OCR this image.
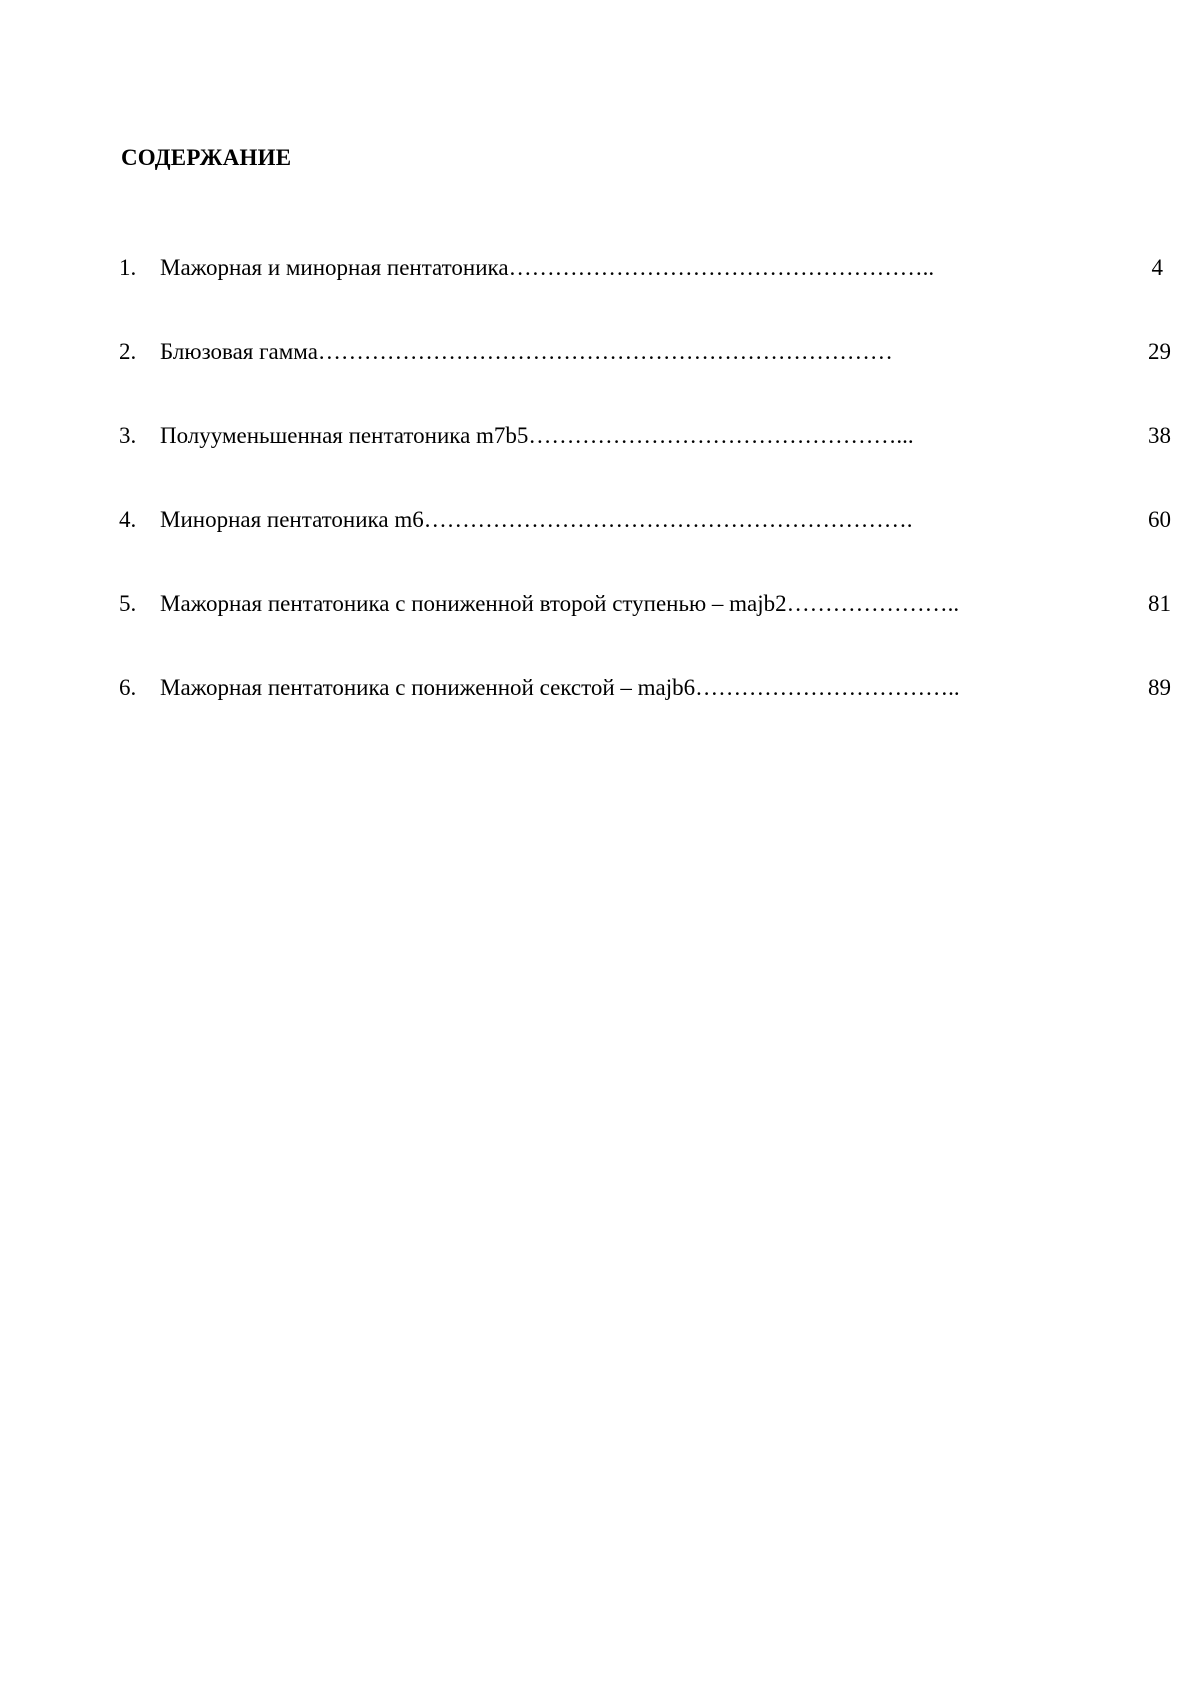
СОДЕРЖАНИЕ
1. Мажорная и минорная пентатоника………………………………………………..	4
2. Блюзовая гамма…………………………………………………………………	29
3. Полууменьшенная пентатоника m7b5…………………………………………...	38
4. Минорная пентатоника m6……………………………………………………….	60
5. Мажорная пентатоника с пониженной второй ступенью – majb2…………………..	81
6. Мажорная пентатоника с пониженной секстой – majb6……………………………..	89
